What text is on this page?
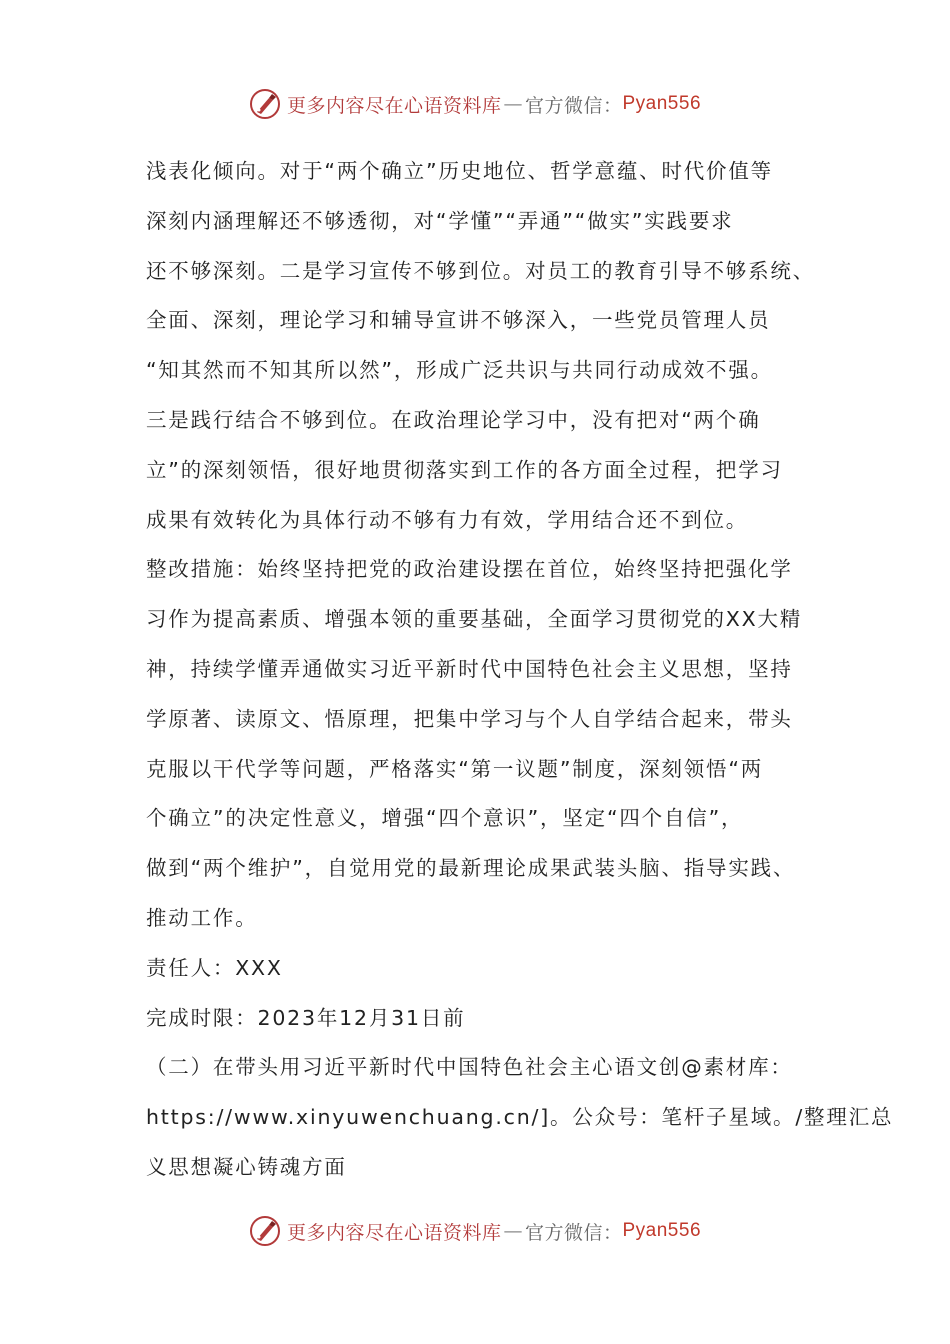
更多内容尽在心语资料库 — 官方微信： Pyan556
浅表化倾向。对于“两个确立”历史地位、哲学意蕴、时代价值等
深刻内涵理解还不够透彻，对“学懂”“弄通”“做实”实践要求
还不够深刻。二是学习宣传不够到位。对员工的教育引导不够系统、
全面、深刻，理论学习和辅导宣讲不够深入，一些党员管理人员
“知其然而不知其所以然”，形成广泛共识与共同行动成效不强。
三是践行结合不够到位。在政治理论学习中，没有把对“两个确
立”的深刻领悟，很好地贯彻落实到工作的各方面全过程，把学习
成果有效转化为具体行动不够有力有效，学用结合还不到位。
整改措施：始终坚持把党的政治建设摆在首位，始终坚持把强化学
习作为提高素质、增强本领的重要基础，全面学习贯彻党的XX大精
神，持续学懂弄通做实习近平新时代中国特色社会主义思想，坚持
学原著、读原文、悟原理，把集中学习与个人自学结合起来，带头
克服以干代学等问题，严格落实“第一议题”制度，深刻领悟“两
个确立”的决定性意义，增强“四个意识”，坚定“四个自信”，
做到“两个维护”，自觉用党的最新理论成果武装头脑、指导实践、
推动工作。
责任人：XXX
完成时限：2023年12月31日前
（二）在带头用习近平新时代中国特色社会主心语文创@素材库：
https://www.xinyuwenchuang.cn/]。公众号：笔杆子星域。/整理汇总
义思想凝心铸魂方面
更多内容尽在心语资料库 — 官方微信： Pyan556
